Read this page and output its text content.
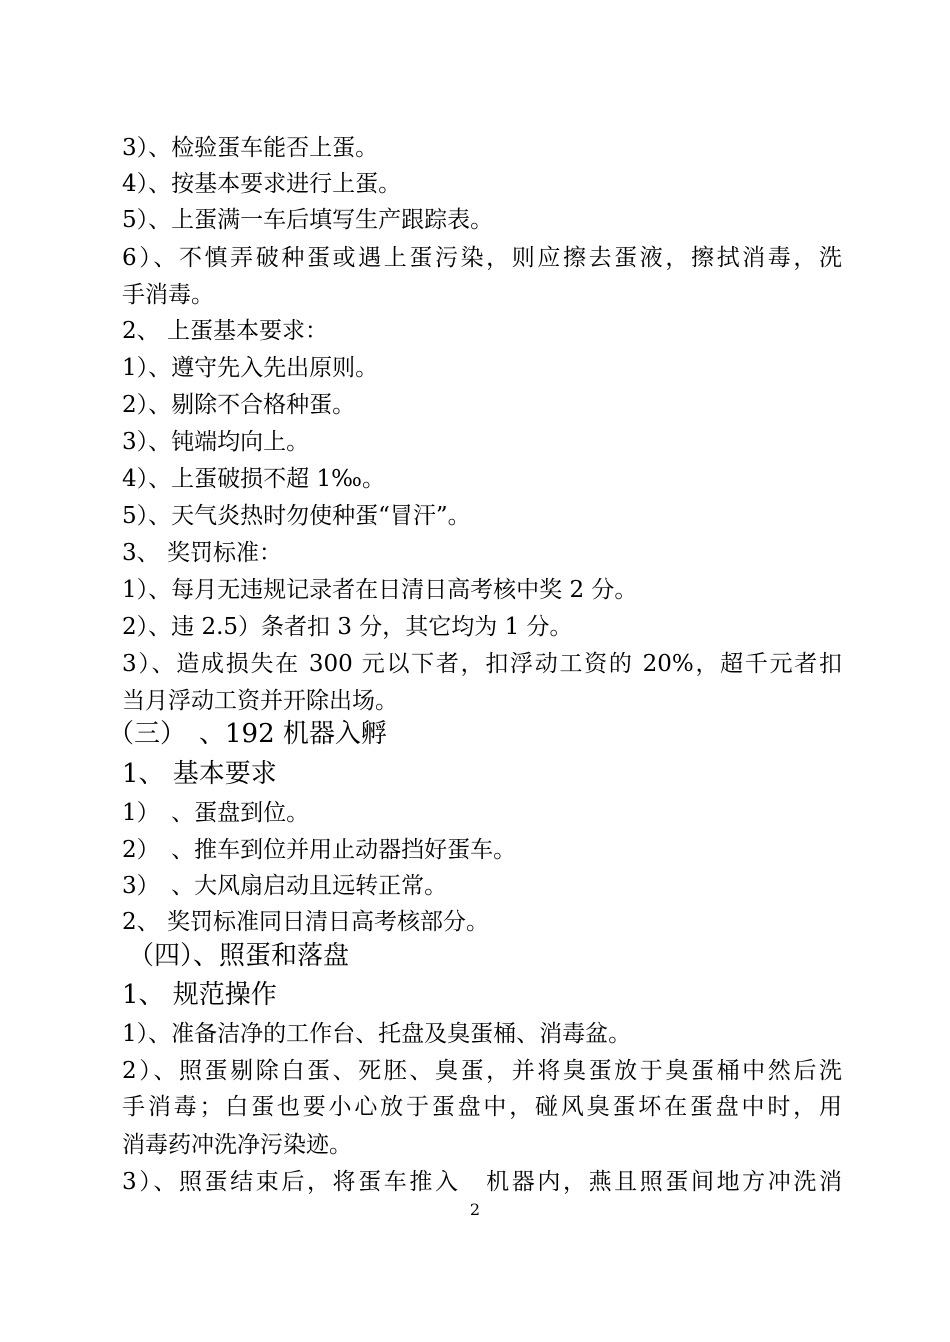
3）、检验蛋车能否上蛋。
4）、按基本要求进行上蛋。
5）、上蛋满一车后填写生产跟踪表。
6）、不慎弄破种蛋或遇上蛋污染，则应擦去蛋液，擦拭消毒，洗
手消毒。
2、 上蛋基本要求：
1）、遵守先入先出原则。
2）、剔除不合格种蛋。
3）、钝端均向上。
4）、上蛋破损不超 1‰。
5）、天气炎热时勿使种蛋“冒汗”。
3、 奖罚标准：
1）、每月无违规记录者在日清日高考核中奖 2 分。
2）、违 2.5）条者扣 3 分，其它均为 1 分。
3）、造成损失在 300 元以下者，扣浮动工资的 20%，超千元者扣
当月浮动工资并开除出场。
（三）　、192 机器入孵
1、 基本要求
1）　、蛋盘到位。
2）　、推车到位并用止动器挡好蛋车。
3）　、大风扇启动且远转正常。
2、 奖罚标准同日清日高考核部分。
（四）、照蛋和落盘
1、 规范操作
1）、准备洁净的工作台、托盘及臭蛋桶、消毒盆。
2）、照蛋剔除白蛋、死胚、臭蛋，并将臭蛋放于臭蛋桶中然后洗
手消毒；白蛋也要小心放于蛋盘中，碰风臭蛋坏在蛋盘中时，用
消毒药冲洗净污染迹。
3）、照蛋结束后，将蛋车推入　机器内，燕且照蛋间地方冲洗消
2
